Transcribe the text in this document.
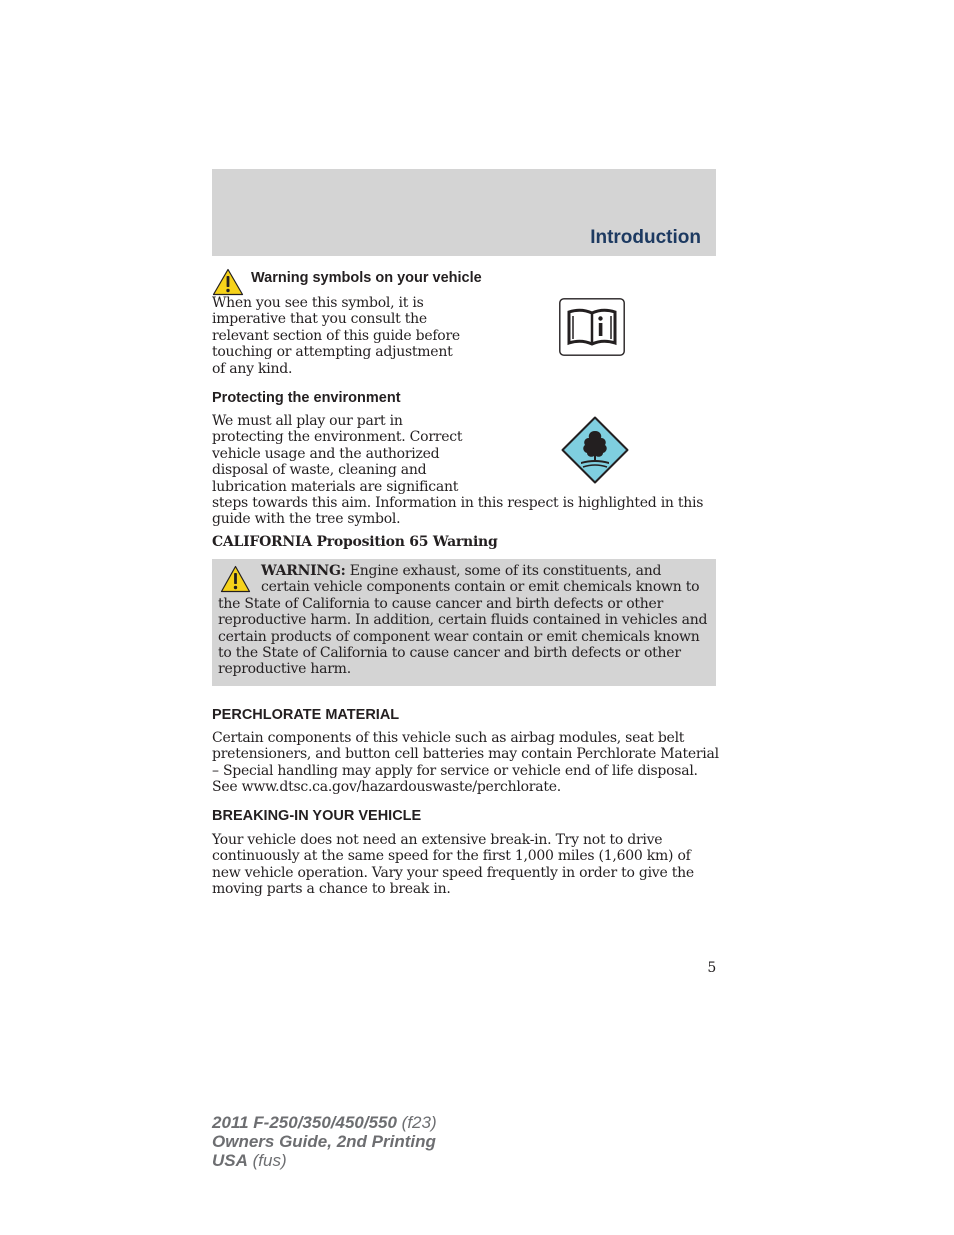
Introduction
Warning symbols on your vehicle
When you see this symbol, it is
imperative that you consult the
relevant section of this guide before
touching or attempting adjustment
of any kind.
Protecting the environment
We must all play our part in
protecting the environment. Correct
vehicle usage and the authorized
disposal of waste, cleaning and
lubrication materials are significant
steps towards this aim. Information in this respect is highlighted in this
guide with the tree symbol.
CALIFORNIA Proposition 65 Warning
WARNING: Engine exhaust, some of its constituents, and
certain vehicle components contain or emit chemicals known to
the State of California to cause cancer and birth defects or other
reproductive harm. In addition, certain fluids contained in vehicles and
certain products of component wear contain or emit chemicals known
to the State of California to cause cancer and birth defects or other
reproductive harm.
PERCHLORATE MATERIAL
Certain components of this vehicle such as airbag modules, seat belt
pretensioners, and button cell batteries may contain Perchlorate Material
– Special handling may apply for service or vehicle end of life disposal.
See www.dtsc.ca.gov/hazardouswaste/perchlorate.
BREAKING-IN YOUR VEHICLE
Your vehicle does not need an extensive break-in. Try not to drive
continuously at the same speed for the first 1,000 miles (1,600 km) of
new vehicle operation. Vary your speed frequently in order to give the
moving parts a chance to break in.
5
2011 F-250/350/450/550 (f23)
Owners Guide, 2nd Printing
USA (fus)
